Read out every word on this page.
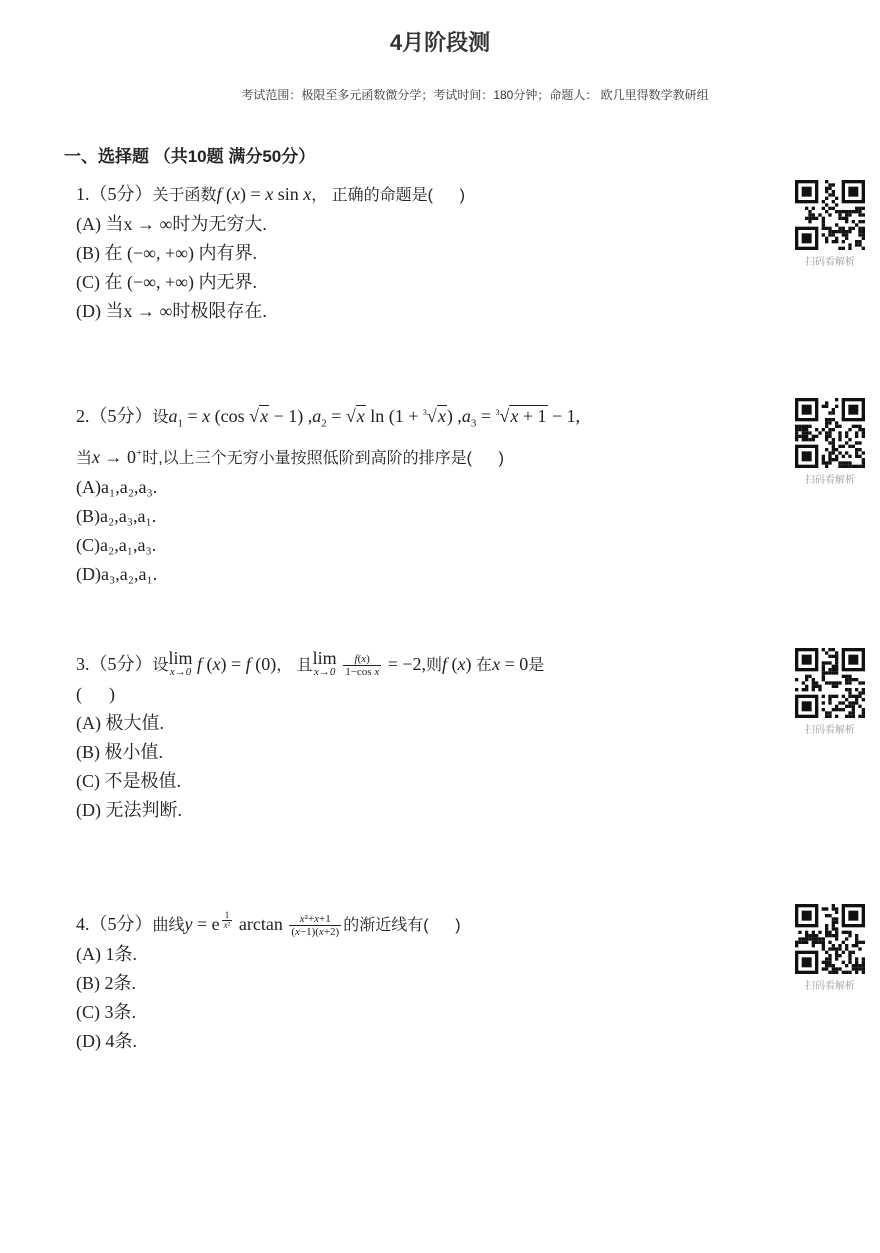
4月阶段测
考试范围：极限至多元函数微分学；考试时间：180分钟；命题人： 欧几里得数学教研组
一、选择题 （共10题 满分50分）
1.（5分）关于函数f (x) = x sin x， 正确的命题是(      )
(A) 当x → ∞时为无穷大.
(B) 在 (−∞, +∞) 内有界.
(C) 在 (−∞, +∞) 内无界.
(D) 当x → ∞时极限存在.
2.（5分）设$a_1 = x$ (cos √x − 1) $,a_2 = √x$ ln (1 + $^3$√x) $,a_3 = ^3√x + 1 - 1$,
当x → 0+时,以上三个无穷小量按照低阶到高阶的排序是(      )
(A)a₁,a₂,a₃.
(B)a₂,a₃,a₁.
(C)a₂,a₁,a₃.
(D)a₃,a₂,a₁.
3.（5分）设lim
x→0 f (x) = f (0)， 且lim
x→0
$\frac{f(x)}{\text{1−cos x}} = -2$,则f (x) 在x = 0是
(      )
(A) 极大值.
(B) 极小值.
(C) 不是极值.
(D) 无法判断.
4.（5分）曲线y = e $^{\frac{1}{\text{x²}}}$ $\arctan \frac{\text{x²+x+1}}{(x-1)(x+2)}$ 的渐近线有(      )
(A) 1条.
(B) 2条.
(C) 3条.
(D) 4条.
扫码看解析
扫码看解析
扫码看解析
扫码看解析
